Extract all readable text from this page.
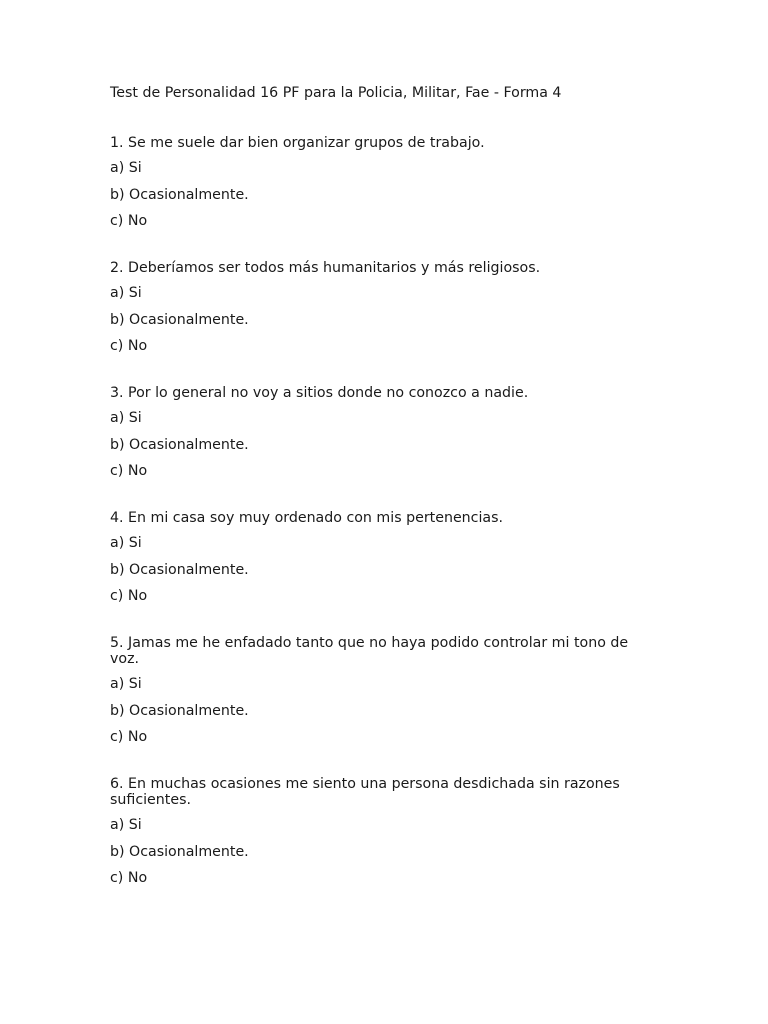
Test de Personalidad 16 PF para la Policia, Militar, Fae - Forma 4

1. Se me suele dar bien organizar grupos de trabajo.

a) Si

b) Ocasionalmente.

c) No

2. Deberíamos ser todos más humanitarios y más religiosos.

a) Si

b) Ocasionalmente.

c) No

3. Por lo general no voy a sitios donde no conozco a nadie.

a) Si

b) Ocasionalmente.

c) No

4. En mi casa soy muy ordenado con mis pertenencias.

a) Si

b) Ocasionalmente.

c) No

5. Jamas me he enfadado tanto que no haya podido controlar mi tono de voz.

a) Si

b) Ocasionalmente.

c) No

6. En muchas ocasiones me siento una persona desdichada sin razones suficientes.

a) Si

b) Ocasionalmente.

c) No
